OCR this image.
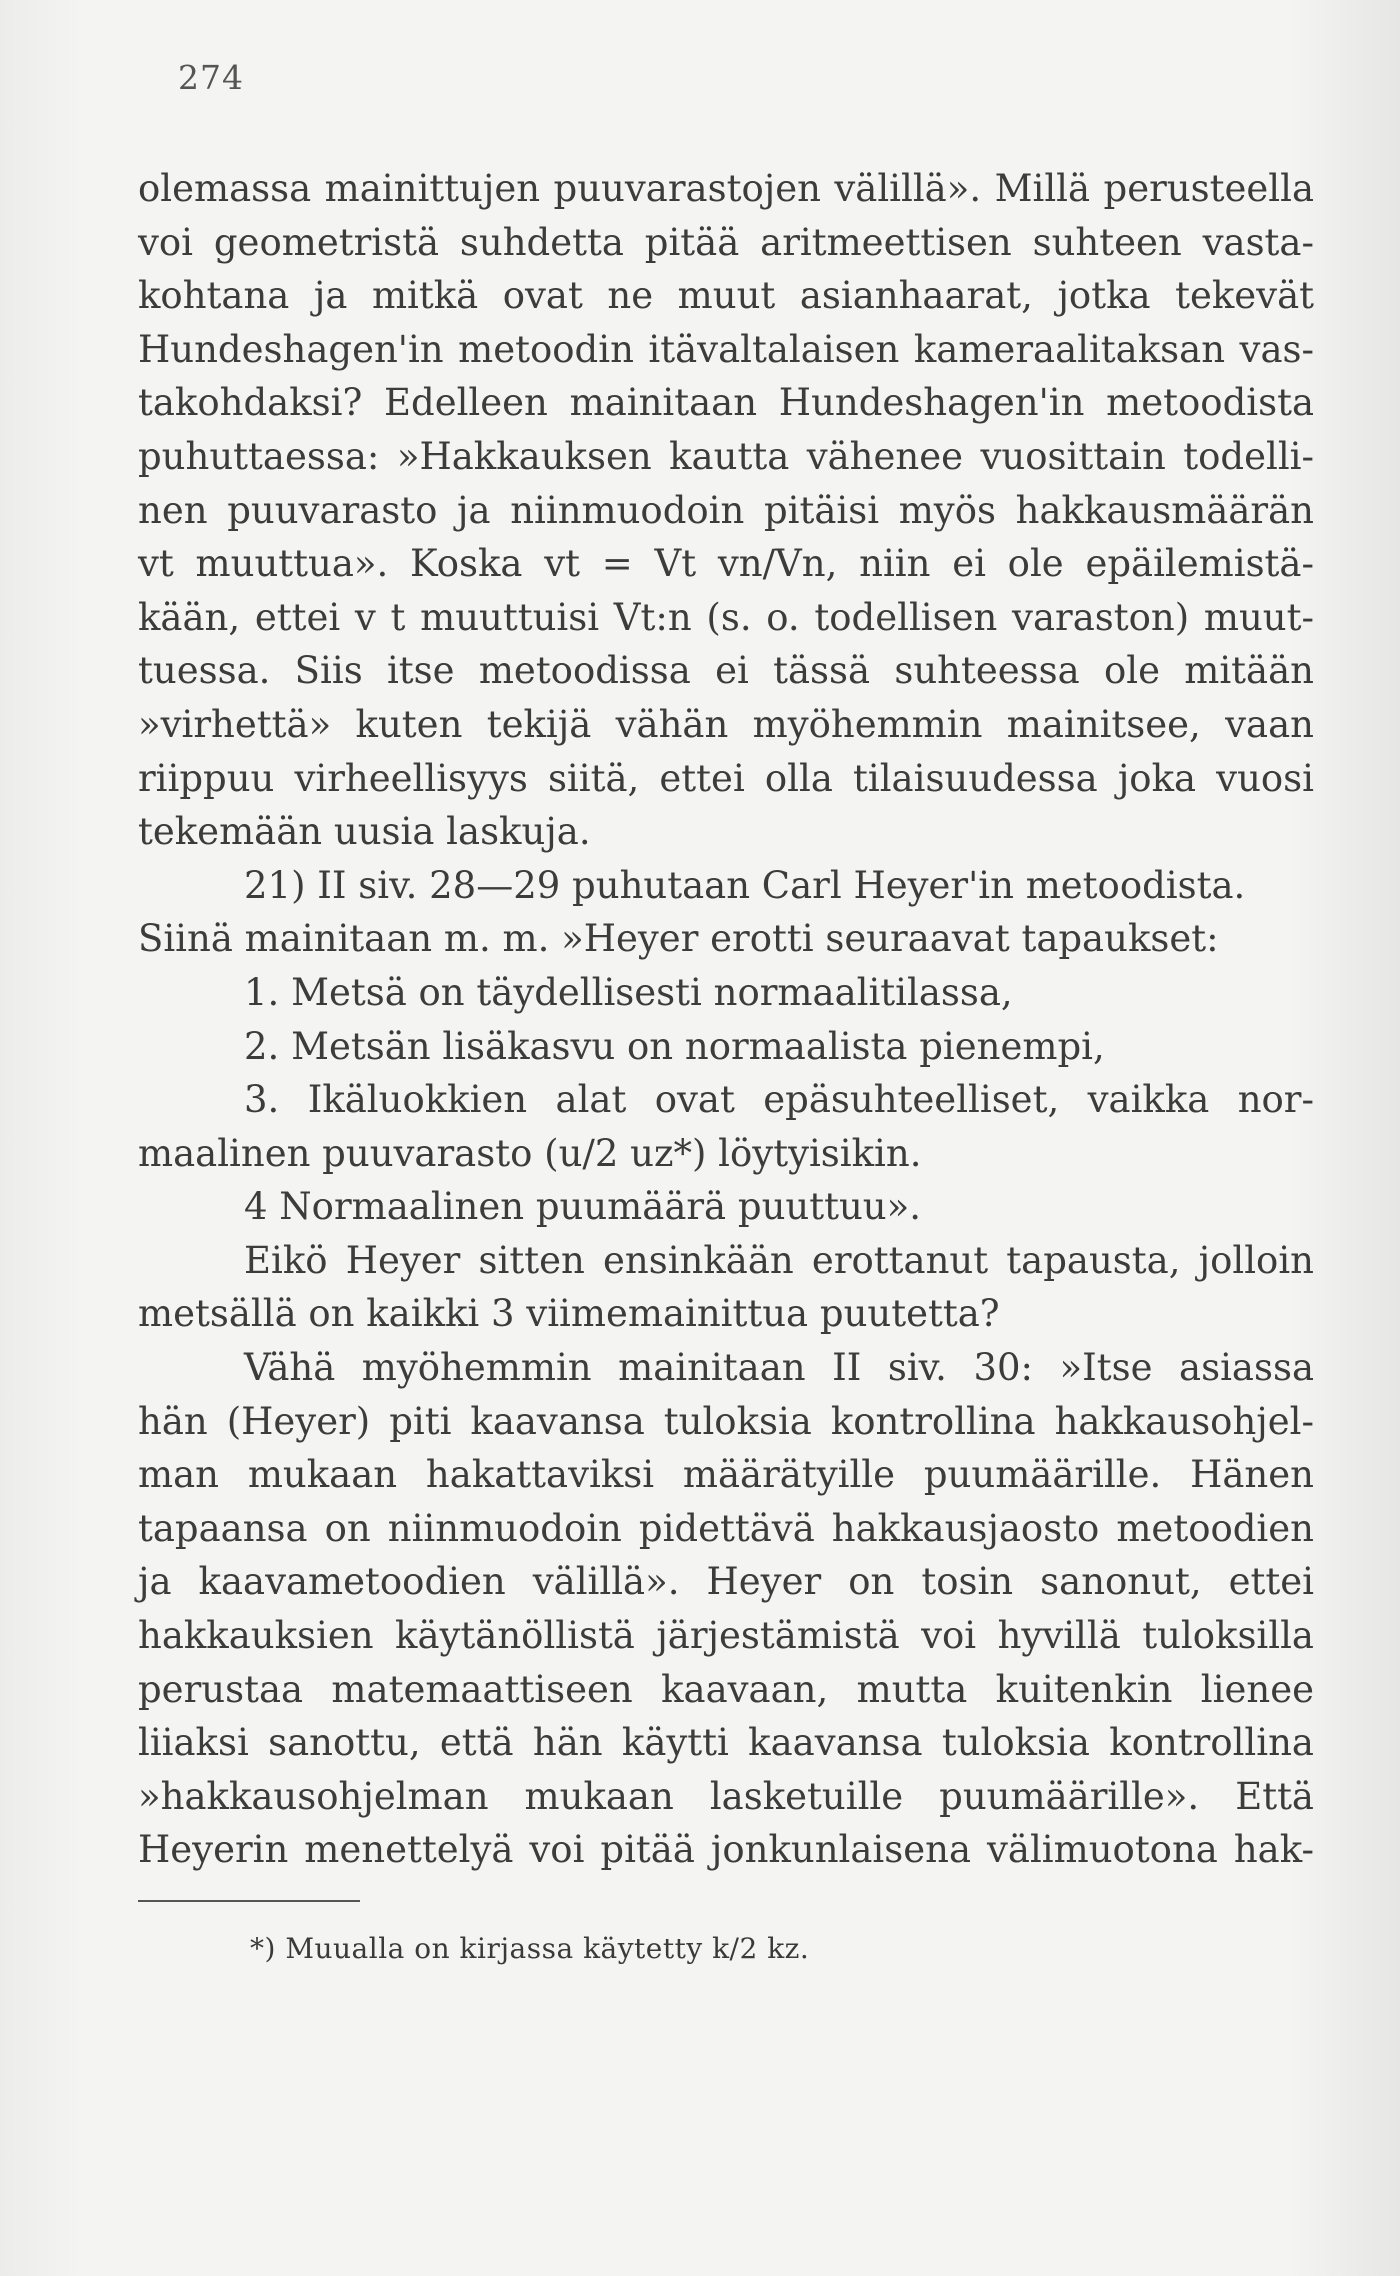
274
olemassa mainittujen puuvarastojen välillä». Millä perusteella
voi geometristä suhdetta pitää aritmeettisen suhteen vasta-
kohtana ja mitkä ovat ne muut asianhaarat, jotka tekevät
Hundeshagen'in metoodin itävaltalaisen kameraalitaksan vas-
takohdaksi? Edelleen mainitaan Hundeshagen'in metoodista
puhuttaessa: »Hakkauksen kautta vähenee vuosittain todelli-
nen puuvarasto ja niinmuodoin pitäisi myös hakkausmäärän
vt muuttua». Koska vt = Vt vn/Vn, niin ei ole epäilemistä-
kään, ettei v t muuttuisi Vt:n (s. o. todellisen varaston) muut-
tuessa. Siis itse metoodissa ei tässä suhteessa ole mitään
»virhettä» kuten tekijä vähän myöhemmin mainitsee, vaan
riippuu virheellisyys siitä, ettei olla tilaisuudessa joka vuosi
tekemään uusia laskuja.
21) II siv. 28—29 puhutaan Carl Heyer'in metoodista.
Siinä mainitaan m. m. »Heyer erotti seuraavat tapaukset:
1. Metsä on täydellisesti normaalitilassa,
2. Metsän lisäkasvu on normaalista pienempi,
3. Ikäluokkien alat ovat epäsuhteelliset, vaikka nor-
maalinen puuvarasto (u/2 uz*) löytyisikin.
4 Normaalinen puumäärä puuttuu».
Eikö Heyer sitten ensinkään erottanut tapausta, jolloin
metsällä on kaikki 3 viimemainittua puutetta?
Vähä myöhemmin mainitaan II siv. 30: »Itse asiassa
hän (Heyer) piti kaavansa tuloksia kontrollina hakkausohjel-
man mukaan hakattaviksi määrätyille puumäärille. Hänen
tapaansa on niinmuodoin pidettävä hakkausjaosto metoodien
ja kaavametoodien välillä». Heyer on tosin sanonut, ettei
hakkauksien käytänöllistä järjestämistä voi hyvillä tuloksilla
perustaa matemaattiseen kaavaan, mutta kuitenkin lienee
liiaksi sanottu, että hän käytti kaavansa tuloksia kontrollina
»hakkausohjelman mukaan lasketuille puumäärille». Että
Heyerin menettelyä voi pitää jonkunlaisena välimuotona hak-
*) Muualla on kirjassa käytetty k/2 kz.
